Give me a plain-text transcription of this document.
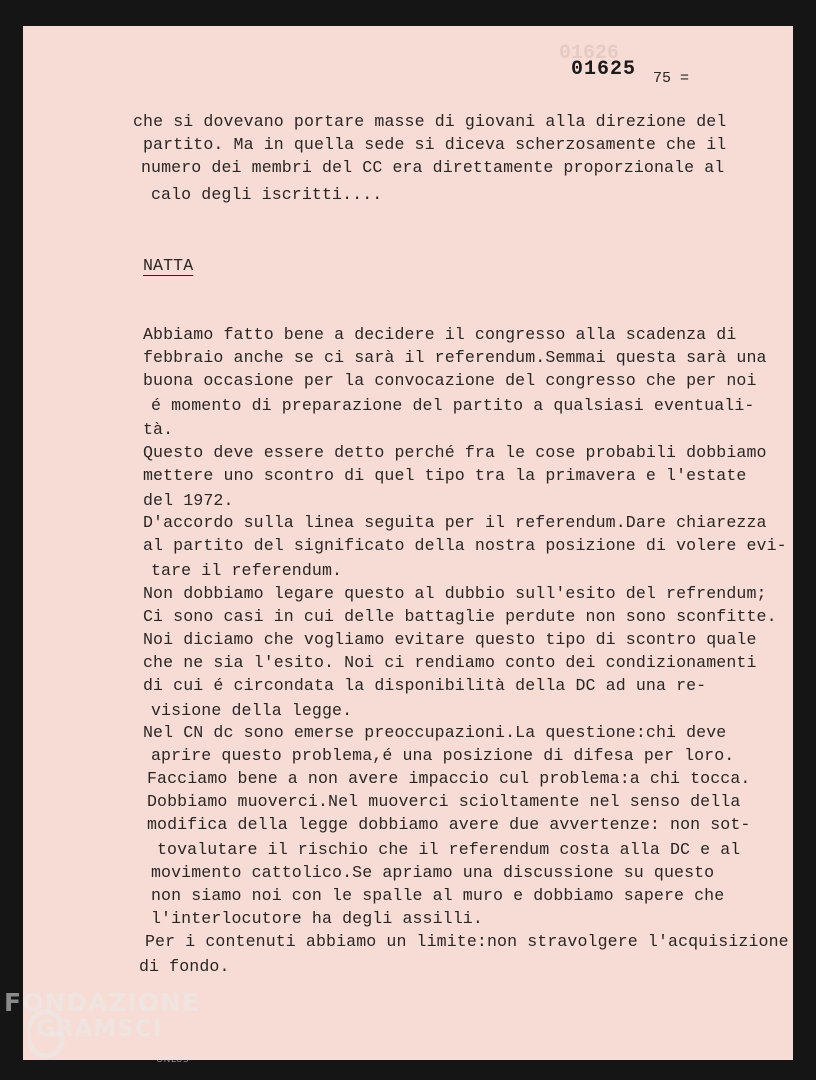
01626
01625 75 =
che si dovevano portare masse di giovani alla direzione del
partito. Ma in quella sede si diceva scherzosamente che il
numero dei membri del CC era direttamente proporzionale al
calo degli iscritti....
NATTA
Abbiamo fatto bene a decidere il congresso alla scadenza di
febbraio anche se ci sarà il referendum.Semmai questa sarà una
buona occasione per la convocazione del congresso che per noi
é momento di preparazione del partito a qualsiasi eventuali-
tà.
Questo deve essere detto perché fra le cose probabili dobbiamo
mettere uno scontro di quel tipo tra la primavera e l'estate
del 1972.
D'accordo sulla linea seguita per il referendum.Dare chiarezza
al partito del significato della nostra posizione di volere evi-
tare il referendum.
Non dobbiamo legare questo al dubbio sull'esito del refrendum;
Ci sono casi in cui delle battaglie perdute non sono sconfitte.
Noi diciamo che vogliamo evitare questo tipo di scontro quale
che ne sia l'esito. Noi ci rendiamo conto dei condizionamenti
di cui é circondata la disponibilità della DC ad una re-
visione della legge.
Nel CN dc sono emerse preoccupazioni.La questione:chi deve
aprire questo problema,é una posizione di difesa per loro.
Facciamo bene a non avere impaccio cul problema:a chi tocca.
Dobbiamo muoverci.Nel muoverci scioltamente nel senso della
modifica della legge dobbiamo avere due avvertenze: non sot-
tovalutare il rischio che il referendum costa alla DC e al
movimento cattolico.Se apriamo una discussione su questo
non siamo noi con le spalle al muro e dobbiamo sapere che
l'interlocutore ha degli assilli.
Per i contenuti abbiamo un limite:non stravolgere l'acquisizione
di fondo.
FONDAZIONE
GRAMSCI
ONLUS
